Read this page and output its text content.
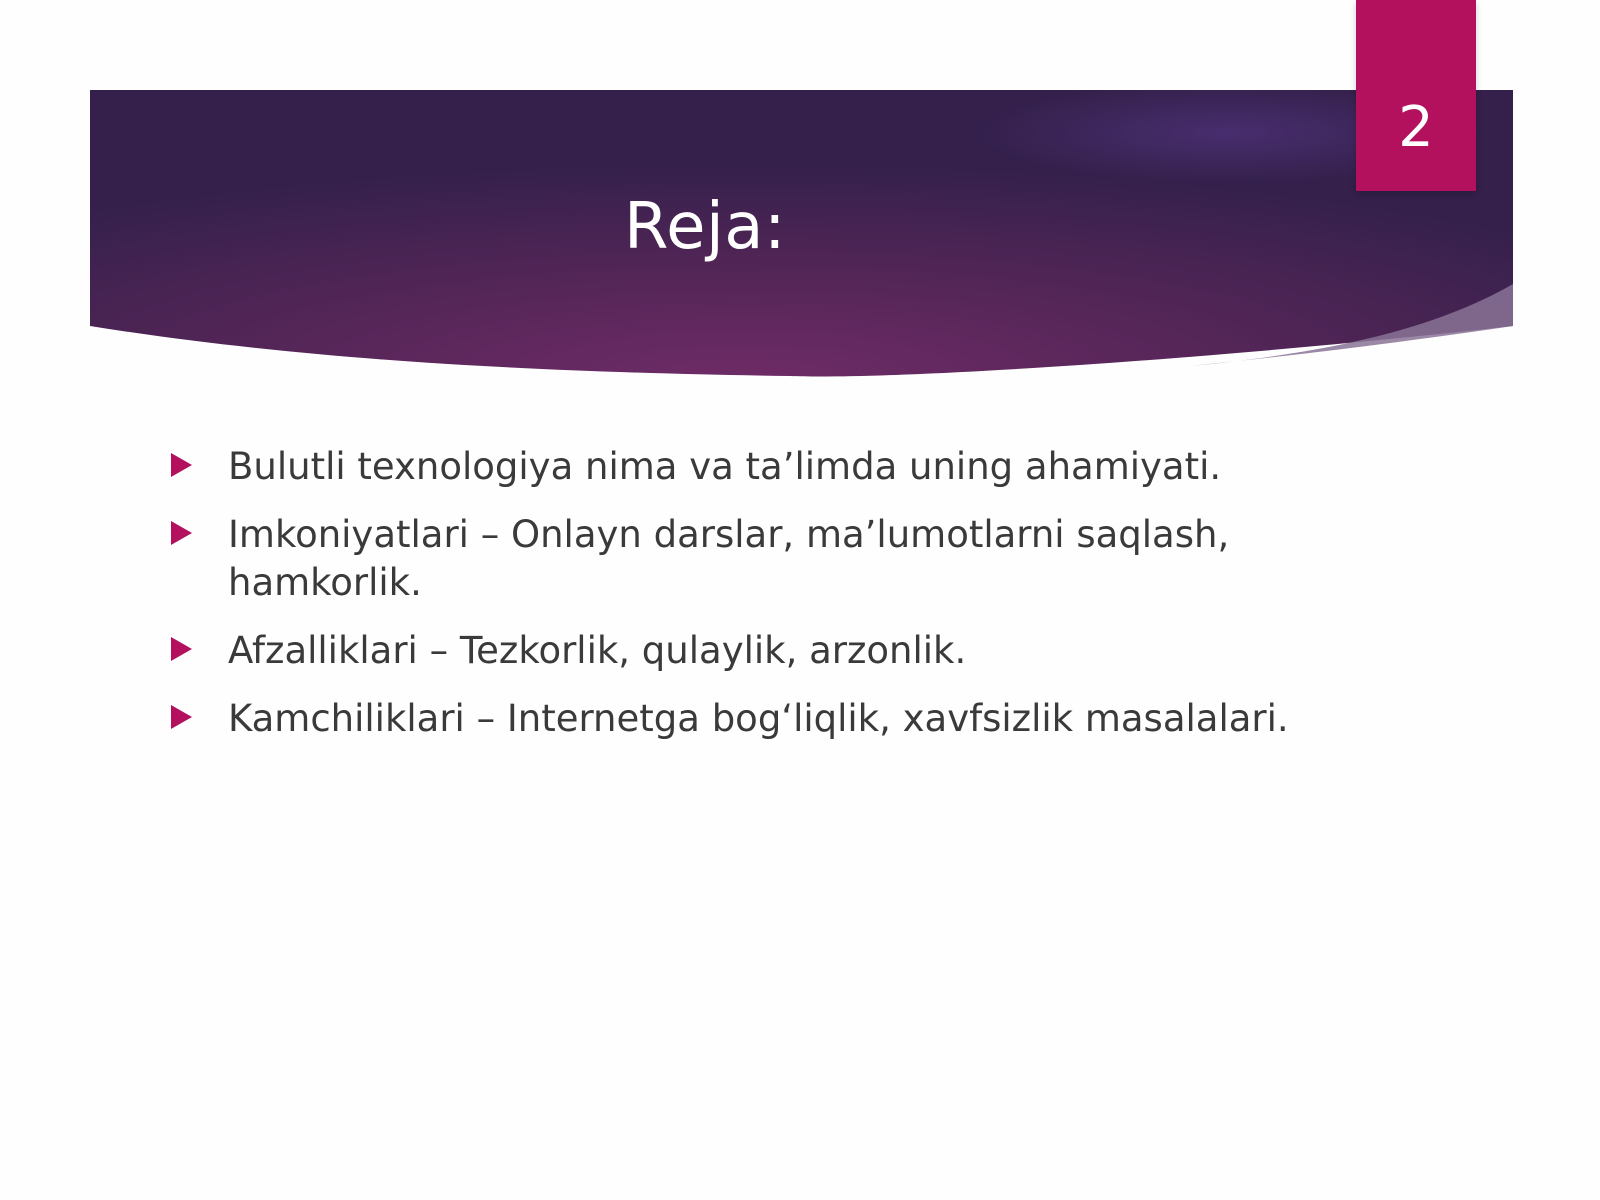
Reja:
2
Bulutli texnologiya nima va ta’limda uning ahamiyati.
Imkoniyatlari – Onlayn darslar, ma’lumotlarni saqlash, hamkorlik.
Afzalliklari – Tezkorlik, qulaylik, arzonlik.
Kamchiliklari – Internetga bog‘liqlik, xavfsizlik masalalari.
